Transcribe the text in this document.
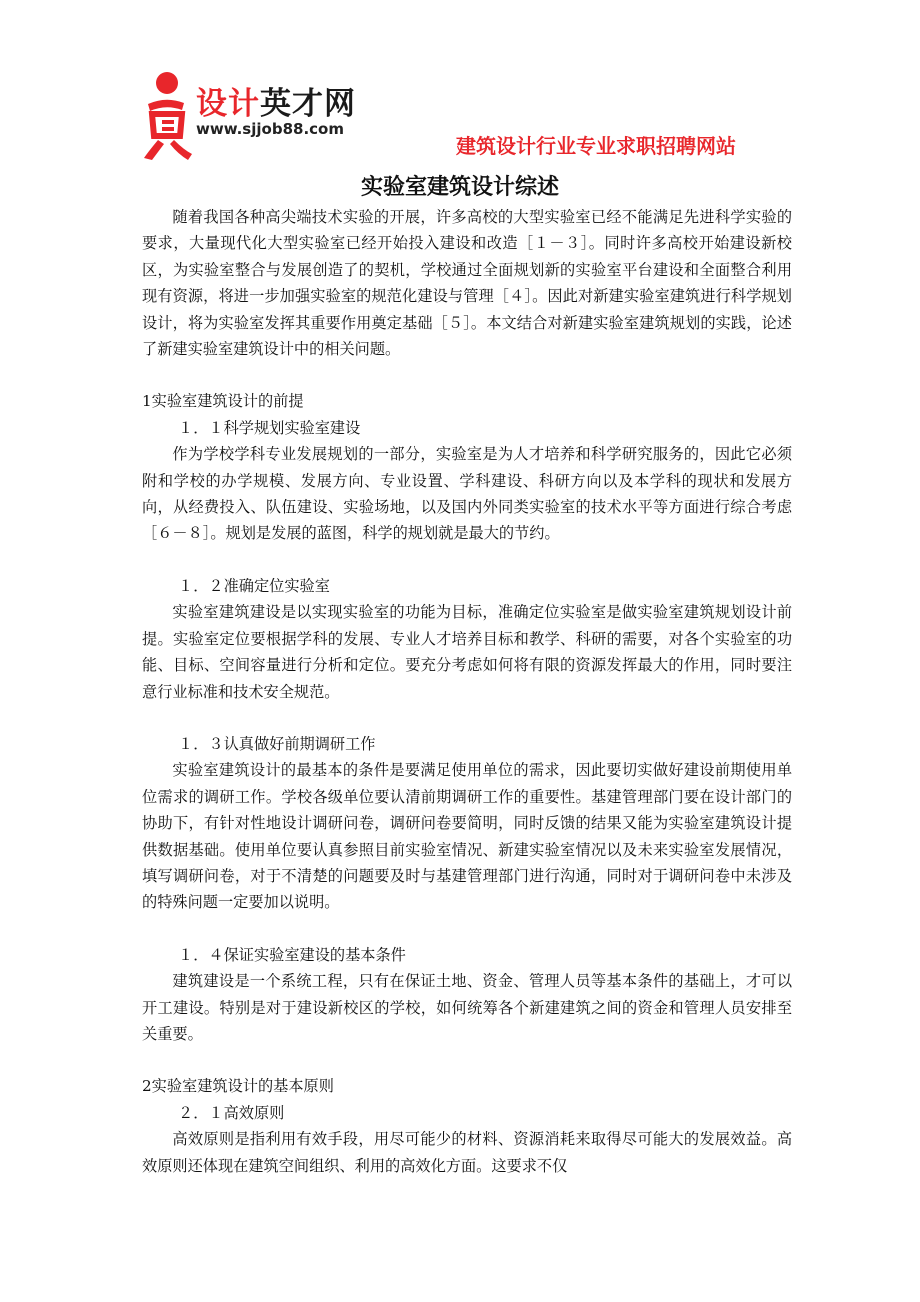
设计英才网
www.sjjob88.com
建筑设计行业专业求职招聘网站
实验室建筑设计综述

随着我国各种高尖端技术实验的开展，许多高校的大型实验室已经不能满足先进科学实验的要求，大量现代化大型实验室已经开始投入建设和改造［１－３］。同时许多高校开始建设新校区，为实验室整合与发展创造了的契机，学校通过全面规划新的实验室平台建设和全面整合利用现有资源，将进一步加强实验室的规范化建设与管理［４］。因此对新建实验室建筑进行科学规划设计，将为实验室发挥其重要作用奠定基础［５］。本文结合对新建实验室建筑规划的实践，论述了新建实验室建筑设计中的相关问题。

1实验室建筑设计的前提

１．１科学规划实验室建设

作为学校学科专业发展规划的一部分，实验室是为人才培养和科学研究服务的，因此它必须附和学校的办学规模、发展方向、专业设置、学科建设、科研方向以及本学科的现状和发展方向，从经费投入、队伍建设、实验场地，以及国内外同类实验室的技术水平等方面进行综合考虑［６－８］。规划是发展的蓝图，科学的规划就是最大的节约。

１．２准确定位实验室

实验室建筑建设是以实现实验室的功能为目标，准确定位实验室是做实验室建筑规划设计前提。实验室定位要根据学科的发展、专业人才培养目标和教学、科研的需要，对各个实验室的功能、目标、空间容量进行分析和定位。要充分考虑如何将有限的资源发挥最大的作用，同时要注意行业标准和技术安全规范。

１．３认真做好前期调研工作

实验室建筑设计的最基本的条件是要满足使用单位的需求，因此要切实做好建设前期使用单位需求的调研工作。学校各级单位要认清前期调研工作的重要性。基建管理部门要在设计部门的协助下，有针对性地设计调研问卷，调研问卷要简明，同时反馈的结果又能为实验室建筑设计提供数据基础。使用单位要认真参照目前实验室情况、新建实验室情况以及未来实验室发展情况，填写调研问卷，对于不清楚的问题要及时与基建管理部门进行沟通，同时对于调研问卷中未涉及的特殊问题一定要加以说明。

１．４保证实验室建设的基本条件

建筑建设是一个系统工程，只有在保证土地、资金、管理人员等基本条件的基础上，才可以开工建设。特别是对于建设新校区的学校，如何统筹各个新建建筑之间的资金和管理人员安排至关重要。

2实验室建筑设计的基本原则

２．１高效原则

高效原则是指利用有效手段，用尽可能少的材料、资源消耗来取得尽可能大的发展效益。高效原则还体现在建筑空间组织、利用的高效化方面。这要求不仅
